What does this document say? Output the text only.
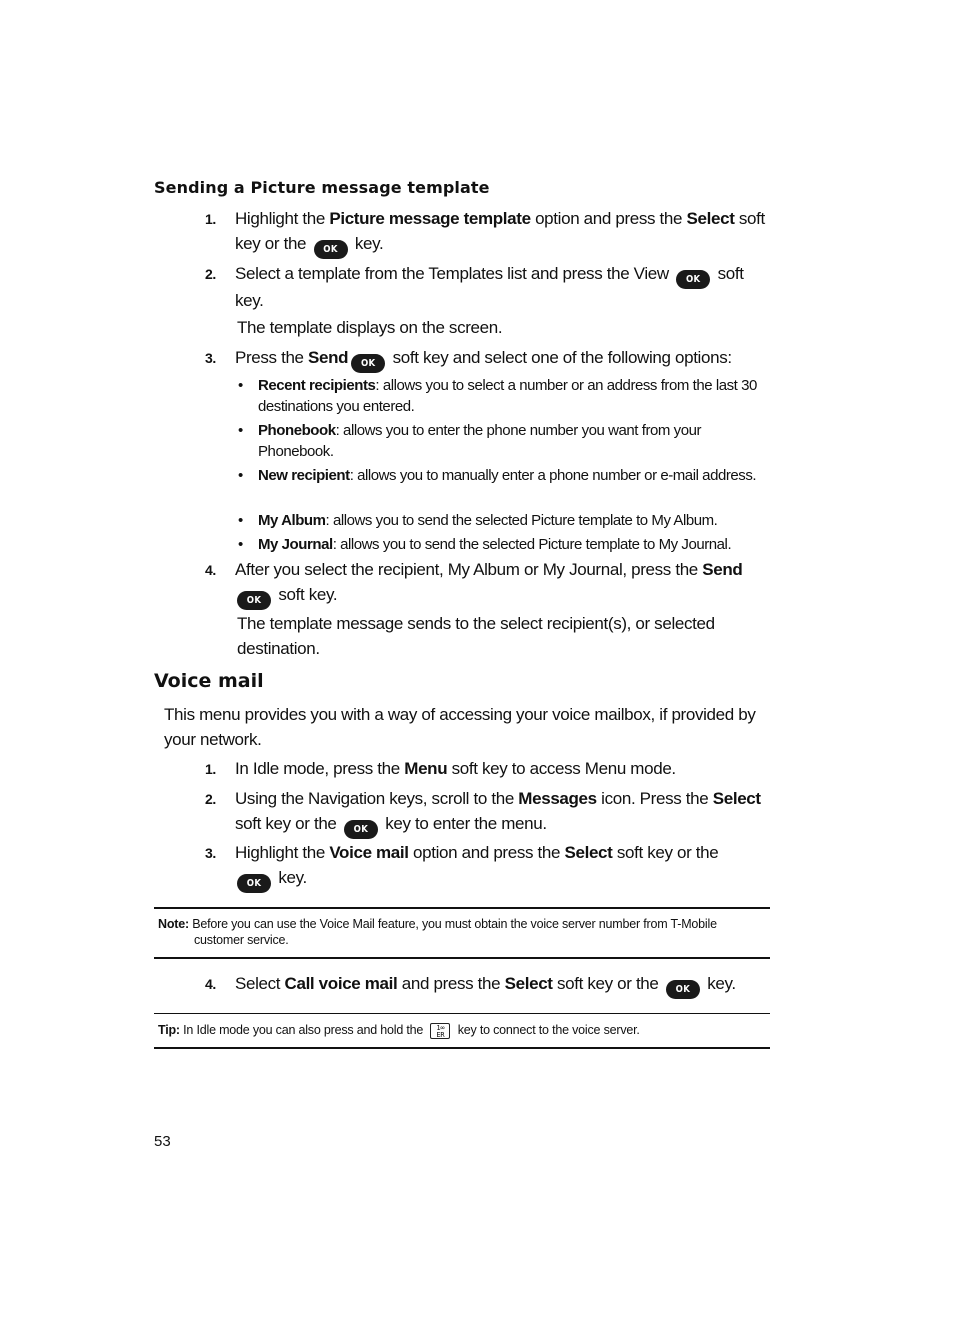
Sending a Picture message template
1. Highlight the Picture message template option and press the Select soft key or the OK key.
2. Select a template from the Templates list and press the View OK soft key.
The template displays on the screen.
3. Press the Send OK soft key and select one of the following options:
• Recent recipients: allows you to select a number or an address from the last 30 destinations you entered.
• Phonebook: allows you to enter the phone number you want from your Phonebook.
• New recipient: allows you to manually enter a phone number or e-mail address.
• My Album: allows you to send the selected Picture template to My Album.
• My Journal: allows you to send the selected Picture template to My Journal.
4. After you select the recipient, My Album or My Journal, press the Send
OK soft key.
The template message sends to the select recipient(s), or selected destination.
Voice mail
This menu provides you with a way of accessing your voice mailbox, if provided by your network.
1. In Idle mode, press the Menu soft key to access Menu mode.
2. Using the Navigation keys, scroll to the Messages icon. Press the Select soft key or the OK key to enter the menu.
3. Highlight the Voice mail option and press the Select soft key or the
OK key.
Note: Before you can use the Voice Mail feature, you must obtain the voice server number from T-Mobile
customer service.
4. Select Call voice mail and press the Select soft key or the OK key.
Tip: In Idle mode you can also press and hold the 1∞
ER key to connect to the voice server.
53
